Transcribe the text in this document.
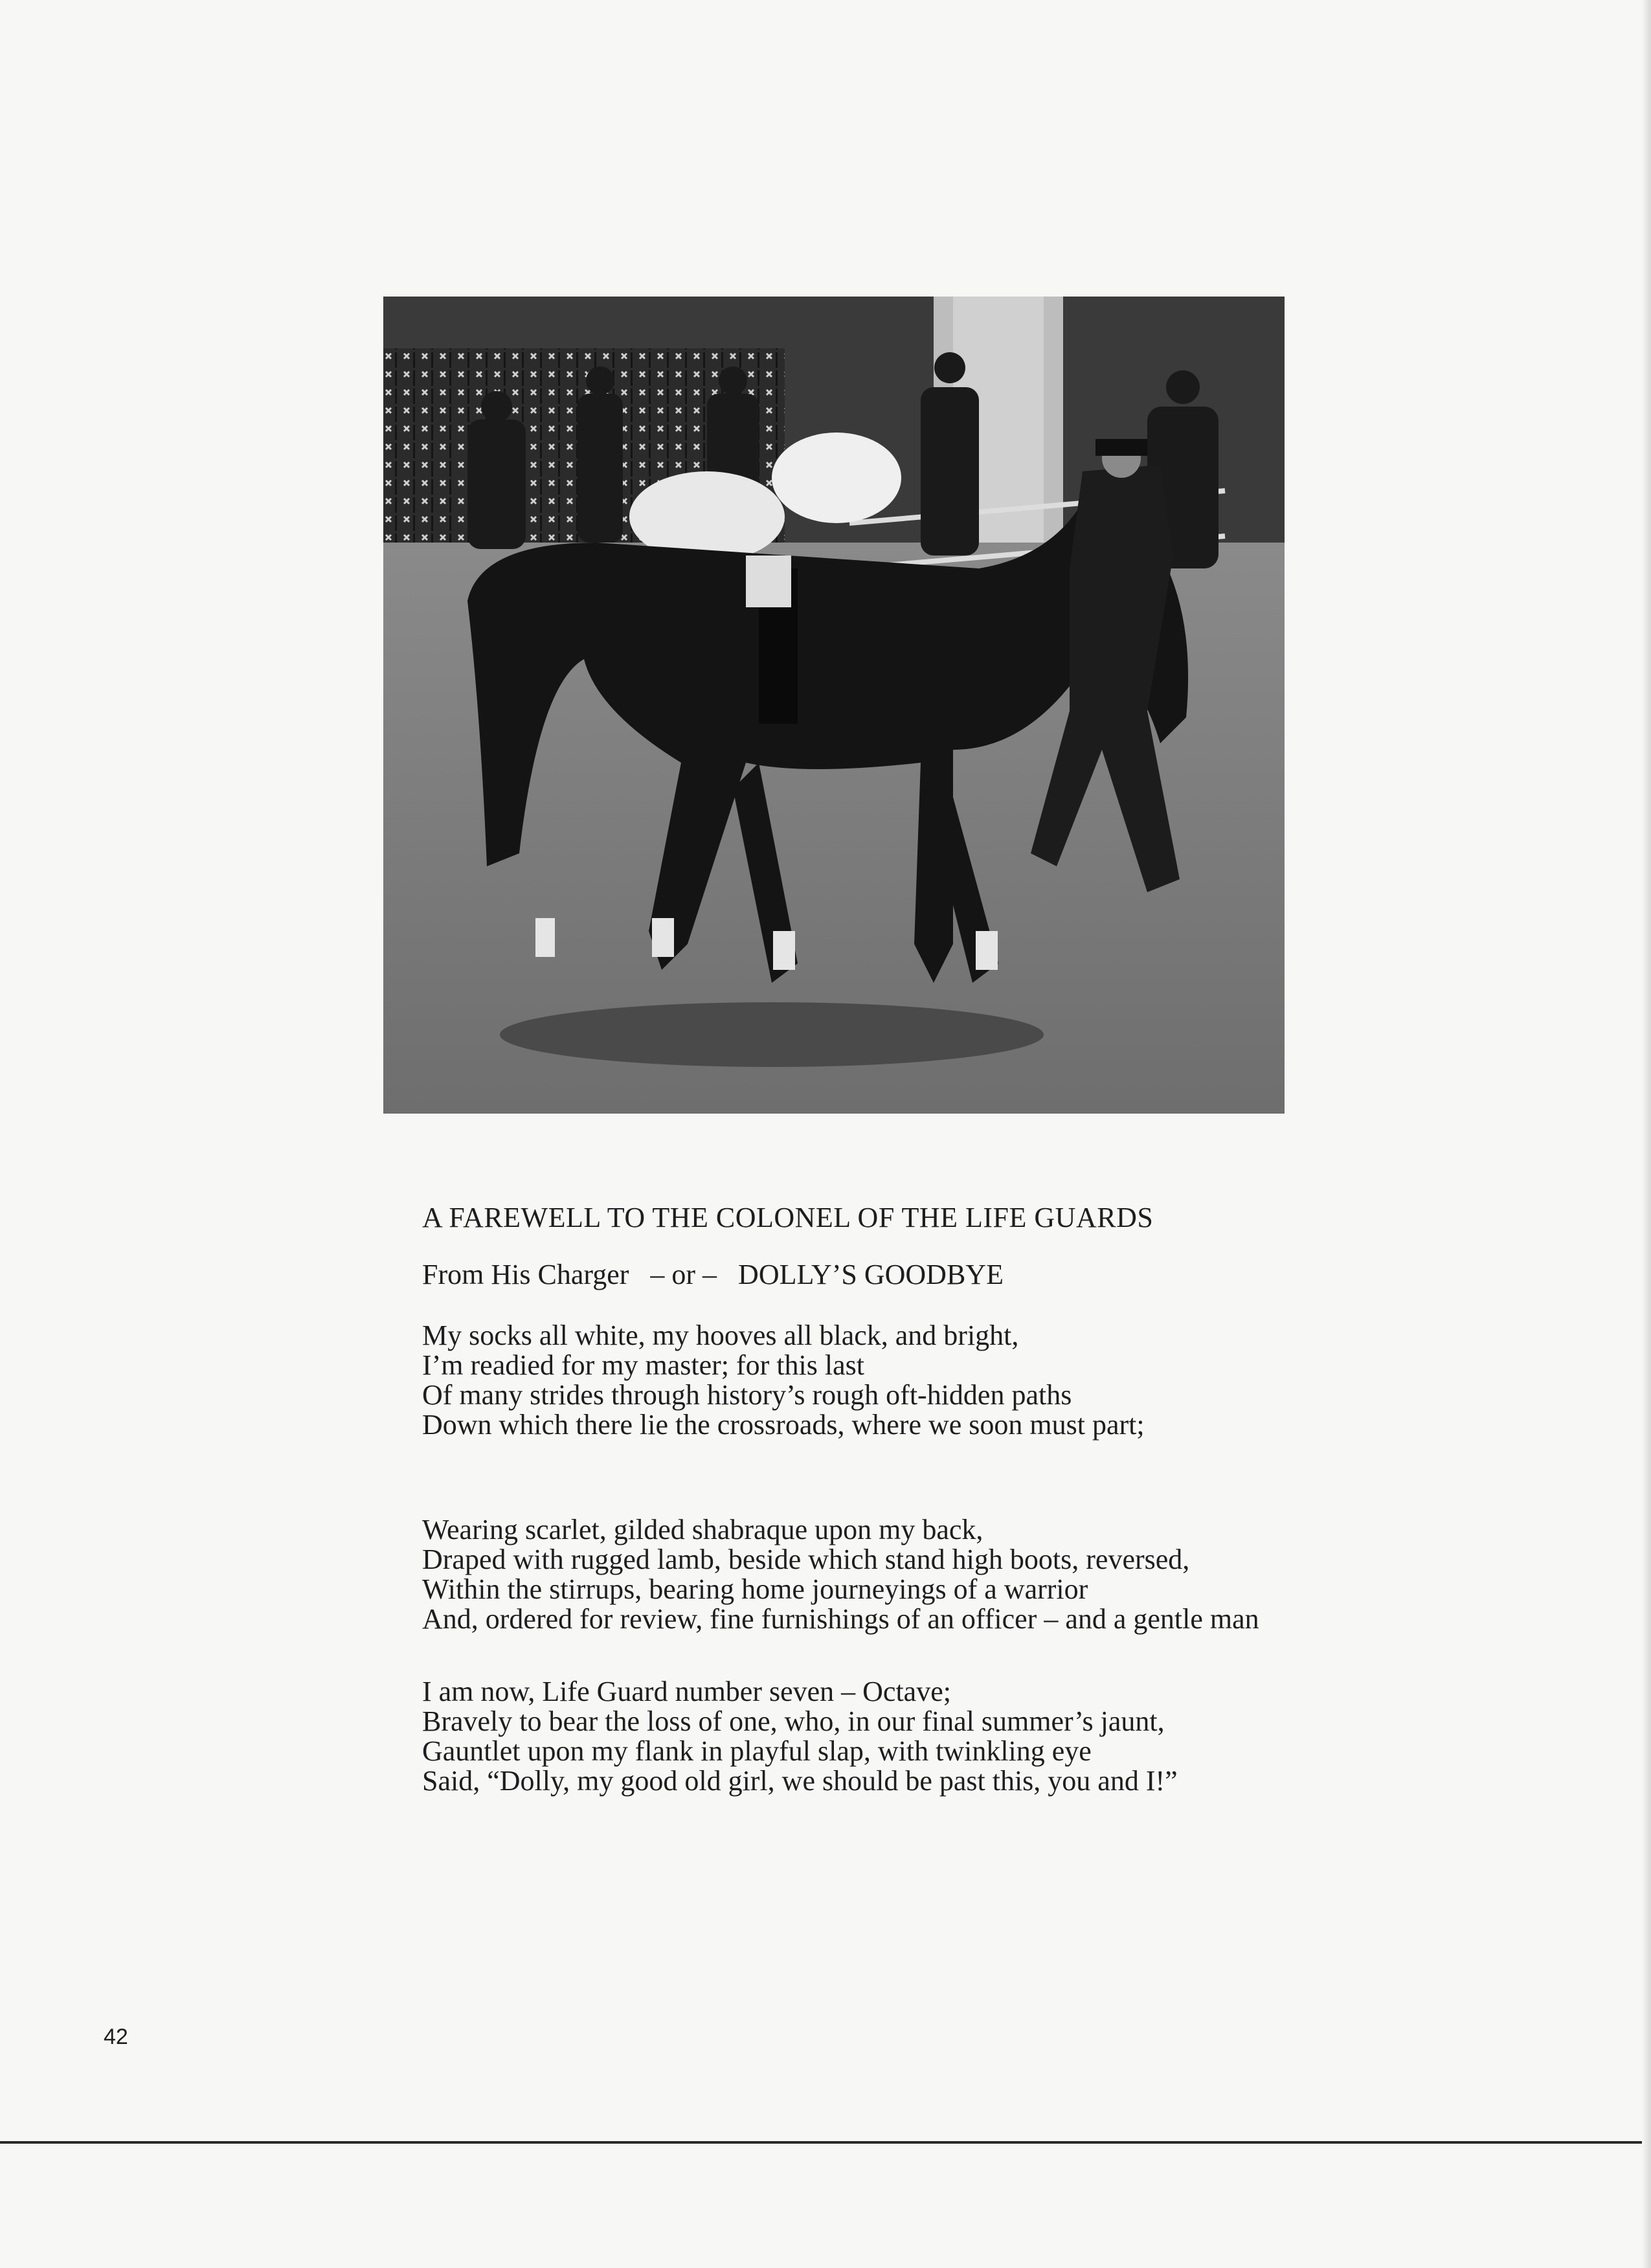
A FAREWELL TO THE COLONEL OF THE LIFE GUARDS
From His Charger – or – DOLLY’S GOODBYE
My socks all white, my hooves all black, and bright,
I’m readied for my master; for this last
Of many strides through history’s rough oft-hidden paths
Down which there lie the crossroads, where we soon must part;
Wearing scarlet, gilded shabraque upon my back,
Draped with rugged lamb, beside which stand high boots, reversed,
Within the stirrups, bearing home journeyings of a warrior
And, ordered for review, fine furnishings of an officer – and a gentle man
I am now, Life Guard number seven – Octave;
Bravely to bear the loss of one, who, in our final summer’s jaunt,
Gauntlet upon my flank in playful slap, with twinkling eye
Said, “Dolly, my good old girl, we should be past this, you and I!”
42
